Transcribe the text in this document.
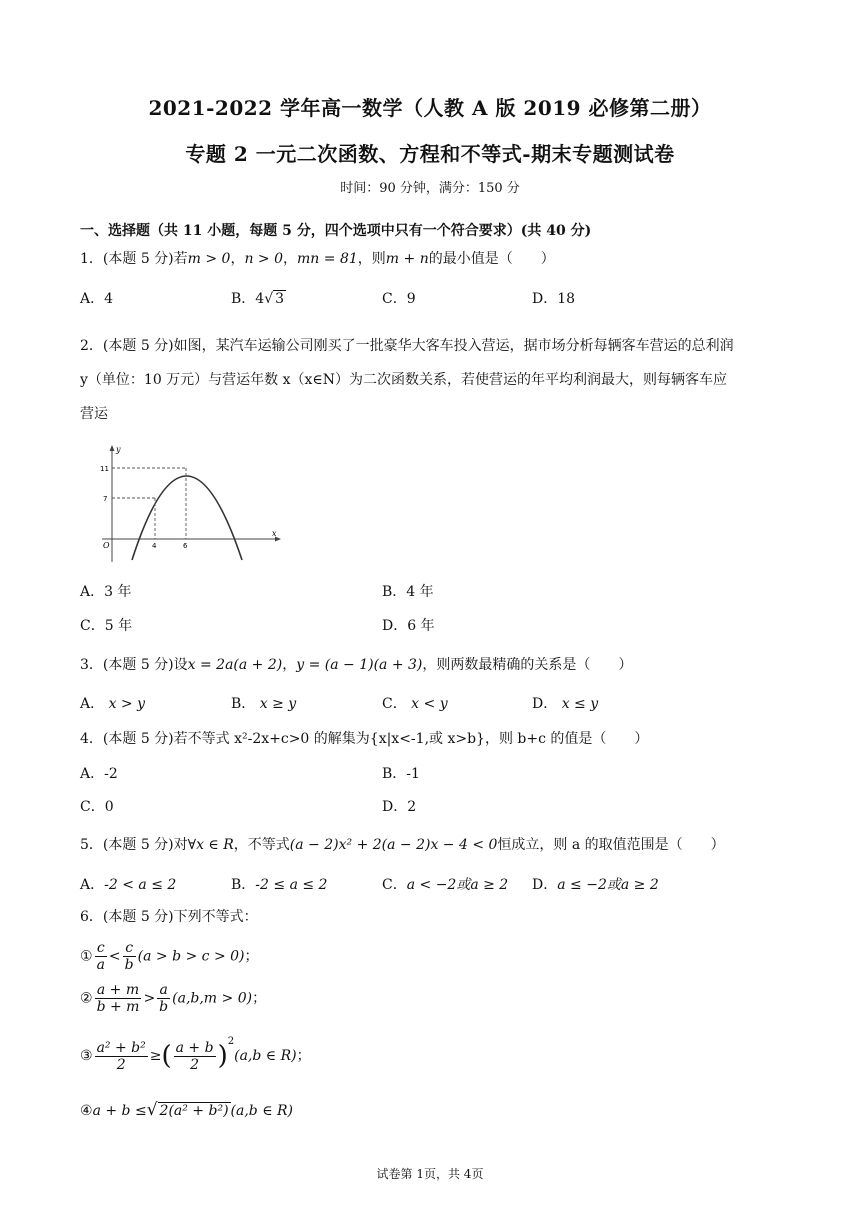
2021-2022 学年高一数学（人教 A 版 2019 必修第二册）
专题 2 一元二次函数、方程和不等式-期末专题测试卷
时间：90 分钟，满分：150 分
一、选择题（共 11 小题，每题 5 分，四个选项中只有一个符合要求）(共 40 分)
1．(本题 5 分)若m > 0，n > 0，mn = 81，则m + n的最小值是（　　）
A．4	B．4√ 3	C．9	D．18
2．(本题 5 分)如图，某汽车运输公司刚买了一批豪华大客车投入营运，据市场分析每辆客车营运的总利润
y（单位：10 万元）与营运年数 x（x∈N）为二次函数关系，若使营运的年平均利润最大，则每辆客车应
营运
y
x
O
11
7
4	6
A．3 年	B．4 年
C．5 年	D．6 年
3．(本题 5 分)设x = 2a(a + 2)，y = (a − 1)(a + 3)，则两数最精确的关系是（　　）
A． x > y	B． x ≥ y	C． x < y	D． x ≤ y
4．(本题 5 分)若不等式 x²-2x+c>0 的解集为{x|x<-1,或 x>b}，则 b+c 的值是（　　）
A．-2	B．-1
C．0	D．2
5．(本题 5 分)对∀x ∈ R，不等式(a − 2)x² + 2(a − 2)x − 4 < 0恒成立，则 a 的取值范围是（　　）
A．-2 < a ≤ 2	B．-2 ≤ a ≤ 2	C．a < −2或a ≥ 2 D．a ≤ −2或a ≥ 2
6．(本题 5 分)下列不等式：
① $\frac{c}{a} < \frac{c}{b} (a > b > c > 0)$；
② $\frac{a + m}{b + m} > \frac{a}{b} (a,b,m > 0)$；
③ $\frac{\text{a² + b²}}{2}$ ≥( $\frac{a + b}{2} )^2(a,b$ ∈ R)；
④a + b ≤√ 2(a² + b²) (a,b ∈ R)
试卷第 1页，共 4页
